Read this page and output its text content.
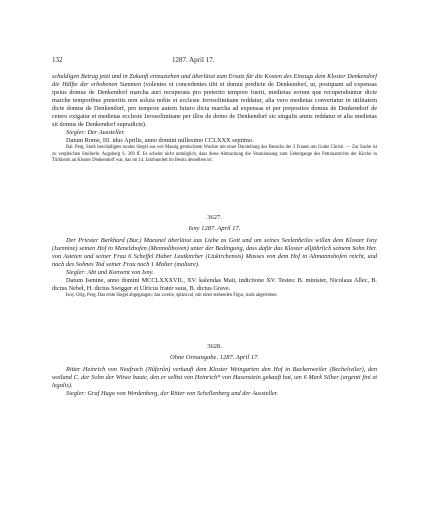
132	1287. April 17.

schuldigen Betrag jetzt und in Zukunft einzuziehen und überlässt zum Ersatz für die Kosten des Einzugs dem Kloster Denkendorf die Hälfte der erhobenen Summen (volentes et concedentes tibi et domui predicte de Denkendorf, ut, postquam ad expensas ipsius domus de Denkendorf marcha auri recuperata pro preterito tempore fuerit, medietas eorum que recuperabuntur dicte marche temporibus preteritis non soluta nobis et ecclesie Jerosolimitane reddatur, alia vero medietas convertatur in utilitatem dicte domus de Denkendorf, pro tempore autem futuro dicta marcha ad expensas et per prepositos domus de Denkendorf de cetero exigatur et medietas ecclesie Jerosolimitane per illos de domo de Denkendorf sic singulis annis reddatur et alia medietas sit domus de Denkendorf supradicte).

Siegler: Der Aussteller.

Datum Rome, III. idus Aprilis, anno domini millesimo CCLXXX septimo.

Bal. Perg. Stark beschädigtes rundes Siegel aus wei Massig gemischtem Wachse mit einer Darstellung des Besuchs der 3 Frauen am Grabe Christi. — Zur Sache ist zu vergleichen Stoiberle, Augsburg S. 369 ff. Es scheint nicht unmöglich, dass diese Abmachung die Veranlassung zum Uebergange des Patronatrechts der Kirche in Türkheim an Kloster Denkendorf war, das im 14. Jahrhundert im Besitz desselben ist.

3627.

Isny 1287. April 17.

Der Priester Burkhard (Bur.) Maeunel überlässt aus Liebe zu Gott und um seines Seelenheiles willen dem Kloster Isny (Isennine) seinen Hof in Menelzhofen (Mennolthoven) unter der Bedingung, dass dafür das Kloster alljährlich seinem Sohn Her. von Asteten und seiner Frau 6 Scheffel Haber Leutkircher (Liukirchensis) Masses von dem Hof in Altmannshofen reicht, und nach des Sohnes Tod seiner Frau noch 1 Malter (maltare).

Siegler: Abt und Konvent von Isny.

Datum Isenine, anno domini MCCLXXXVII., XV. kalendas Maii, indictione XV. Testes: B. minister, Nicolaus Allec, B. dictus Nebel, H. dictus Swigger et Ulricus frater suus, B. dictus Grave.

Isny. Orig. Perg. Das erste Siegel abgegangen; das zweite, spitzoval, mit einer stehenden Figur, stark abgerieben.

3628.

Ohne Ortsangabe. 1287. April 17.

Ritter Heinrich von Neufrach (Nûferûn) verkauft dem Kloster Weingarten den Hof in Backenweiler (Bechelwiler), den weiland C. der Sohn der Witwe baute, den er selbst von Heinrich* von Hasenstein gekauft hat, um 6 Mark Silber (argenti fini et legalis).

Siegler: Graf Hugo von Werdenberg, der Ritter von Schellenberg und der Aussteller.
